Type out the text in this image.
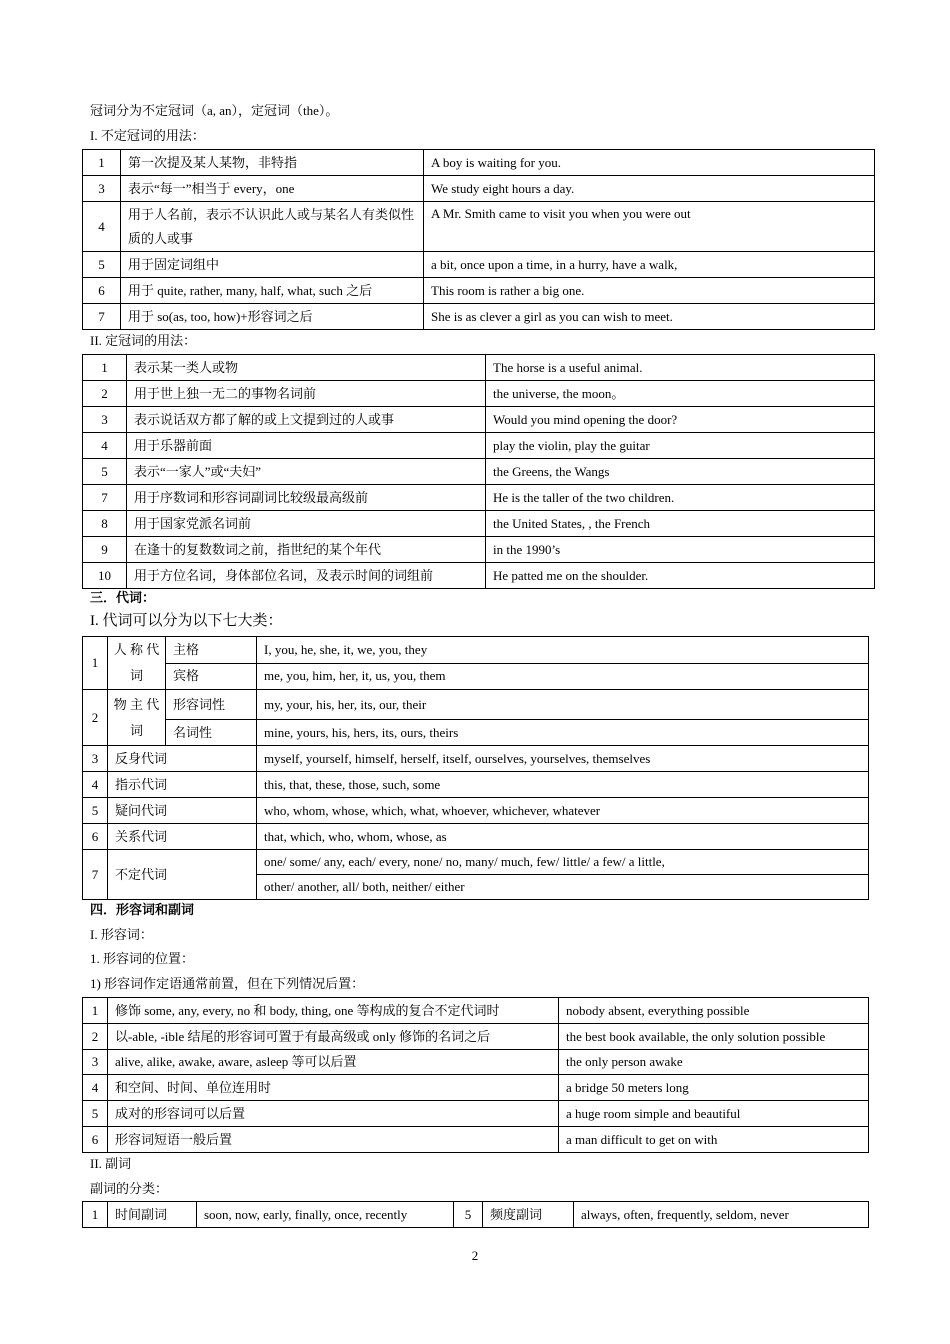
冠词分为不定冠词（a, an），定冠词（the）。
I. 不定冠词的用法：
1	第一次提及某人某物，非特指	A boy is waiting for you.
3	表示“每一”相当于 every，one	We study eight hours a day.
4	用于人名前，表示不认识此人或与某名人有类似性质的人或事	A Mr. Smith came to visit you when you were out
5	用于固定词组中	a bit, once upon a time, in a hurry, have a walk,
6	用于 quite, rather, many, half, what, such 之后	This room is rather a big one.
7	用于 so(as, too, how)+形容词之后	She is as clever a girl as you can wish to meet.
II. 定冠词的用法：
1	表示某一类人或物	The horse is a useful animal.
2	用于世上独一无二的事物名词前	the universe, the moon。
3	表示说话双方都了解的或上文提到过的人或事	Would you mind opening the door?
4	用于乐器前面	play the violin, play the guitar
5	表示“一家人”或“夫妇”	the Greens, the Wangs
7	用于序数词和形容词副词比较级最高级前	He is the taller of the two children.
8	用于国家党派名词前	the United States, , the French
9	在逢十的复数数词之前，指世纪的某个年代	in the 1990’s
10	用于方位名词，身体部位名词，及表示时间的词组前	He patted me on the shoulder.
三．代词：
I. 代词可以分为以下七大类：
1	人 称 代词	主格	I, you, he, she, it, we, you, they
		宾格	me, you, him, her, it, us, you, them
2	物 主 代词	形容词性	my, your, his, her, its, our, their
		名词性	mine, yours, his, hers, its, ours, theirs
3	反身代词		myself, yourself, himself, herself, itself, ourselves, yourselves, themselves
4	指示代词		this, that, these, those, such, some
5	疑问代词		who, whom, whose, which, what, whoever, whichever, whatever
6	关系代词		that, which, who, whom, whose, as
7	不定代词		one/ some/ any, each/ every, none/ no, many/ much, few/ little/ a few/ a little,
			other/ another, all/ both, neither/ either
四．形容词和副词
I. 形容词：
1. 形容词的位置：
1) 形容词作定语通常前置，但在下列情况后置：
1	修饰 some, any, every, no 和 body, thing, one 等构成的复合不定代词时	nobody absent, everything possible
2	以-able, -ible 结尾的形容词可置于有最高级或 only 修饰的名词之后	the best book available, the only solution possible
3	alive, alike, awake, aware, asleep 等可以后置	the only person awake
4	和空间、时间、单位连用时	a bridge 50 meters long
5	成对的形容词可以后置	a huge room simple and beautiful
6	形容词短语一般后置	a man difficult to get on with
II. 副词
副词的分类：
1	时间副词	soon, now, early, finally, once, recently	5	频度副词	always, often, frequently, seldom, never
2
